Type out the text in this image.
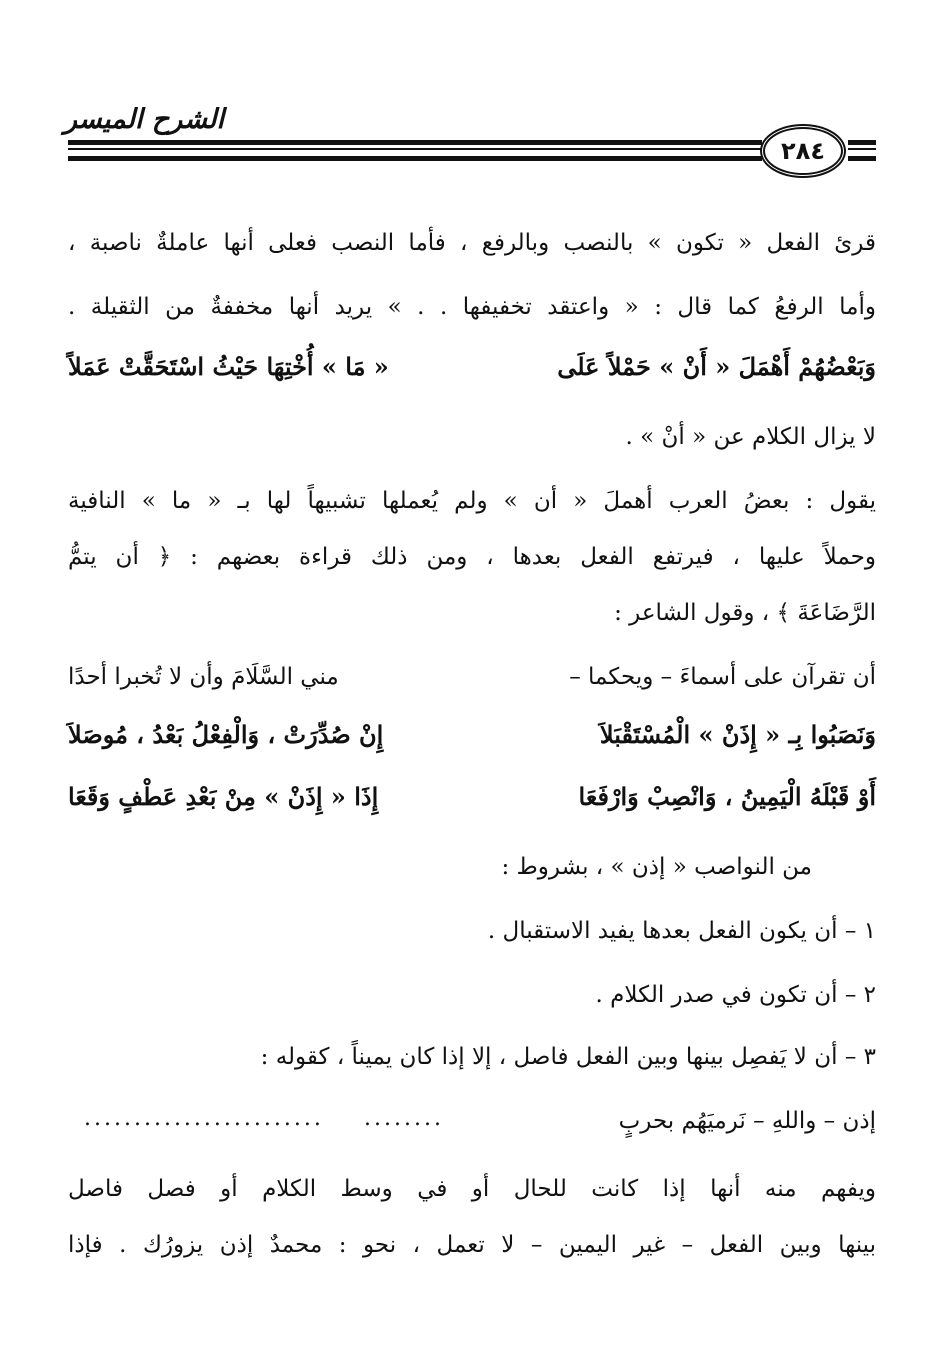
الشرح الميسر
٢٨٤
قرئ الفعل « تكون » بالنصب وبالرفع ، فأما النصب فعلى أنها عاملةٌ ناصبة ،
وأما الرفعُ كما قال : « واعتقد تخفيفها . . » يريد أنها مخففةٌ من الثقيلة .
وَبَعْضُهُمْ أَهْمَلَ « أَنْ » حَمْلاً عَلَى
« مَا » أُخْتِهَا حَيْثُ اسْتَحَقَّتْ عَمَلاً
لا يزال الكلام عن « أنْ » .
يقول : بعضُ العرب أهملَ « أن » ولم يُعملها تشبيهاً لها بـ « ما » النافية
وحملاً عليها ، فيرتفع الفعل بعدها ، ومن ذلك قراءة بعضهم : ﴿ أن يتمُّ
الرَّضَاعَةَ ﴾ ، وقول الشاعر :
أن تقرآن على أسماءَ – ويحكما –
مني السَّلَامَ وأن لا تُخبرا أحدًا
وَنَصَبُوا بِـ « إِذَنْ » الْمُسْتَقْبَلاَ
إِنْ صُدِّرَتْ ، وَالْفِعْلُ بَعْدُ ، مُوصَلاَ
أَوْ قَبْلَهُ الْيَمِينُ ، وَانْصِبْ وَارْفَعَا
إِذَا « إِذَنْ » مِنْ بَعْدِ عَطْفٍ وَقَعَا
من النواصب « إذن » ، بشروط :
١ – أن يكون الفعل بعدها يفيد الاستقبال .
٢ – أن تكون في صدر الكلام .
٣ – أن لا يَفصِل بينها وبين الفعل فاصل ، إلا إذا كان يميناً ، كقوله :
إذن – واللهِ – نَرميَهُم بحربٍ
........
........................
ويفهم منه أنها إذا كانت للحال أو في وسط الكلام أو فصل فاصل
بينها وبين الفعل – غير اليمين – لا تعمل ، نحو : محمدٌ إذن يزورُك . فإذا
